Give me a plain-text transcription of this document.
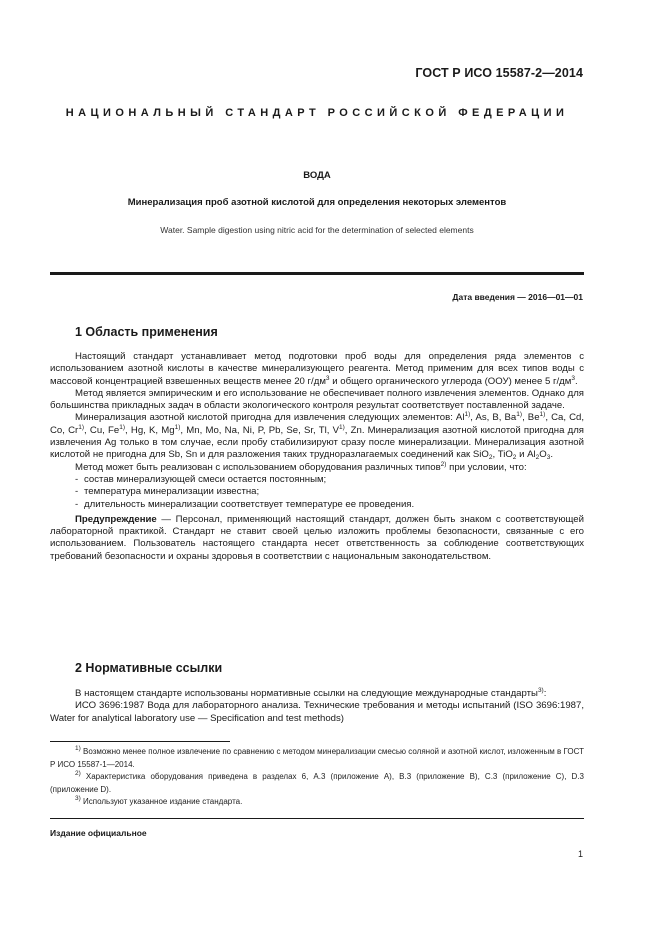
ГОСТ Р ИСО 15587-2—2014
НАЦИОНАЛЬНЫЙ СТАНДАРТ РОССИЙСКОЙ ФЕДЕРАЦИИ
ВОДА
Минерализация проб азотной кислотой для определения некоторых элементов
Water. Sample digestion using nitric acid for the determination of selected elements
Дата введения — 2016—01—01
1 Область применения

Настоящий стандарт устанавливает метод подготовки проб воды для определения ряда элементов с использованием азотной кислоты в качестве минерализующего реагента. Метод применим для всех типов воды с массовой концентрацией взвешенных веществ менее 20 $г/дм^3$ и общего органического углерода (ООУ) менее 5 $г/дм^3$.

Метод является эмпирическим и его использование не обеспечивает полного извлечения элементов. Однако для большинства прикладных задач в области экологического контроля результат соответствует поставленной задаче.

Минерализация азотной кислотой пригодна для извлечения следующих элементов: Al$^{1)}$, As, B, Ba$^{1)}$, Be$^{1)}$, Ca, Cd, Co, Cr$^{1)}$, Cu, Fe$^{1)}$, Hg, K, Mg$^{1)}$, Mn, Mo, Na, Ni, P, Pb, Se, Sr, Tl, $V^{1)}$, Zn. Минерализация азотной кислотой пригодна для извлечения Ag только в том случае, если пробу стабилизируют сразу после минерализации. Минерализация азотной кислотой не пригодна для Sb, Sn и для разложения таких трудноразлагаемых соединений как SiO$_2$, TiO$_2$ и $Al_2O_3$.

Метод может быть реализован с использованием оборудования различных типов$^{2)}$ при условии, что:

- состав минерализующей смеси остается постоянным;
- температура минерализации известна;
- длительность минерализации соответствует температуре ее проведения.

Предупреждение — Персонал, применяющий настоящий стандарт, должен быть знаком с соответствующей лабораторной практикой. Стандарт не ставит своей целью изложить проблемы безопасности, связанные с его использованием. Пользователь настоящего стандарта несет ответственность за соблюдение соответствующих требований безопасности и охраны здоровья в соответствии с национальным законодательством.

2 Нормативные ссылки

В настоящем стандарте использованы нормативные ссылки на следующие международные стандарты$^{3)}$:

ИСО 3696:1987 Вода для лабораторного анализа. Технические требования и методы испытаний (ISO 3696:1987, Water for analytical laboratory use — Specification and test methods)

$^{1)}$ Возможно менее полное извлечение по сравнению с методом минерализации смесью соляной и азотной кислот, изложенным в ГОСТ Р ИСО 15587-1—2014.

$^{2)}$ Характеристика оборудования приведена в разделах 6, А.3 (приложение А), В.3 (приложение В), С.3 (приложение С), D.3 (приложение D).

$^{3)}$ Используют указанное издание стандарта.

Издание официальное
1
